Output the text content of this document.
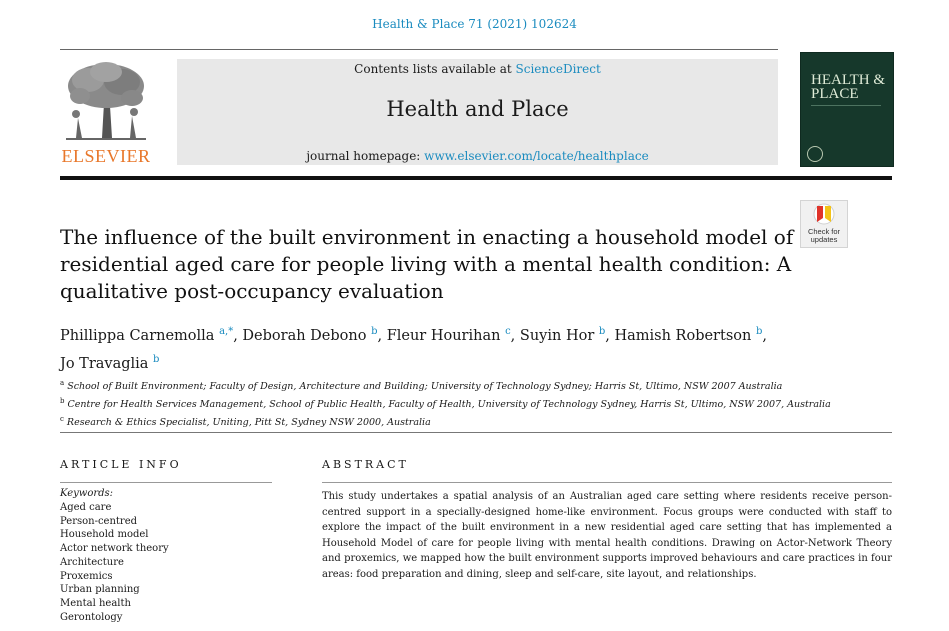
Health & Place 71 (2021) 102624
ELSEVIER
Contents lists available at ScienceDirect
Health and Place
journal homepage: www.elsevier.com/locate/healthplace
HEALTH & PLACE
Check for updates
The influence of the built environment in enacting a household model of residential aged care for people living with a mental health condition: A qualitative post-occupancy evaluation
Phillippa Carnemolla $^{a,*}$, Deborah Debono $^b$, Fleur Hourihan $^c$, Suyin Hor $^b$, Hamish Robertson $^b$,
Jo Travaglia $^b$
$^a$ School of Built Environment; Faculty of Design, Architecture and Building; University of Technology Sydney; Harris St, Ultimo, NSW 2007 Australia
$^b$ Centre for Health Services Management, School of Public Health, Faculty of Health, University of Technology Sydney, Harris St, Ultimo, NSW 2007, Australia
$^c$ Research & Ethics Specialist, Uniting, Pitt St, Sydney NSW 2000, Australia
ARTICLE INFO	ABSTRACT
Keywords:
Aged care
Person-centred
Household model
Actor network theory
Architecture
Proxemics
Urban planning
Mental health
Gerontology
This study undertakes a spatial analysis of an Australian aged care setting where residents receive person-centred support in a specially-designed home-like environment. Focus groups were conducted with staff to explore the impact of the built environment in a new residential aged care setting that has implemented a Household Model of care for people living with mental health conditions. Drawing on Actor-Network Theory and proxemics, we mapped how the built environment supports improved behaviours and care practices in four areas: food preparation and dining, sleep and self-care, site layout, and relationships.
